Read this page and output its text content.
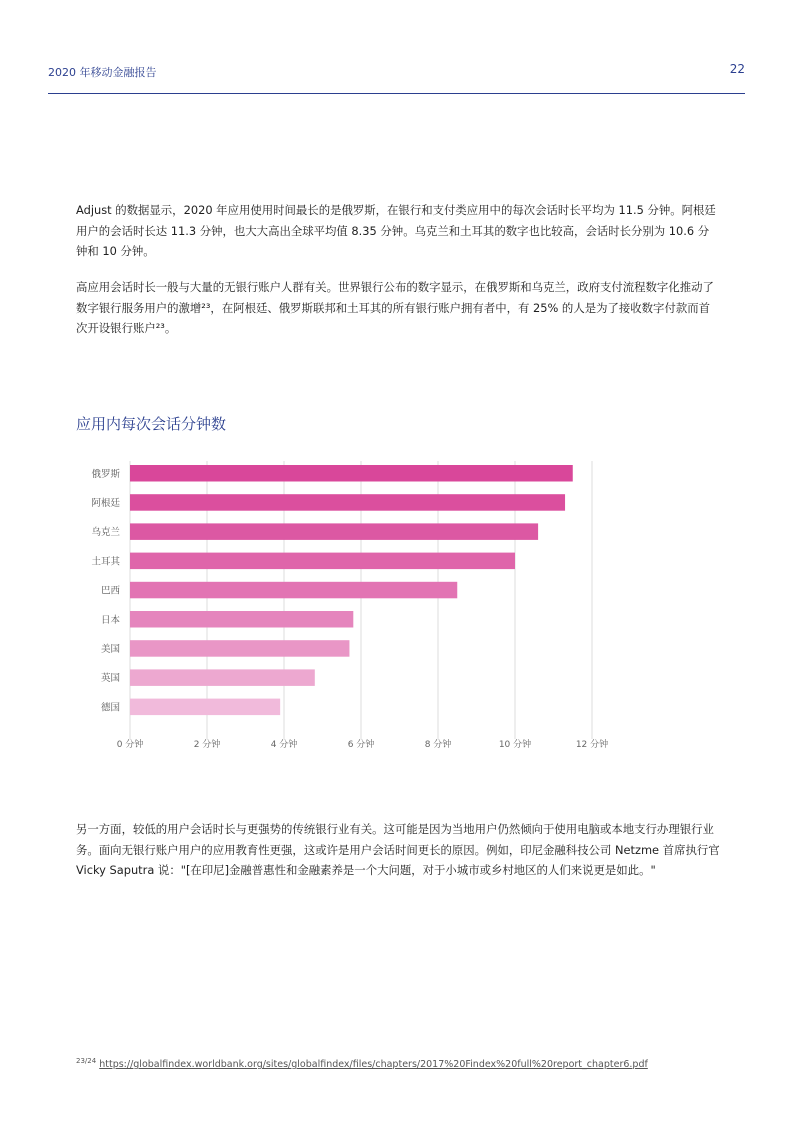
2020 年移动金融报告	22

Adjust 的数据显示，2020 年应用使用时间最长的是俄罗斯，在银行和支付类应用中的每次会话时长平均为 11.5 分钟。阿根廷用户的会话时长达 11.3 分钟，也大大高出全球平均值 8.35 分钟。乌克兰和土耳其的数字也比较高，会话时长分别为 10.6 分钟和 10 分钟。

高应用会话时长一般与大量的无银行账户人群有关。世界银行公布的数字显示，在俄罗斯和乌克兰，政府支付流程数字化推动了数字银行服务用户的激增²³，在阿根廷、俄罗斯联邦和土耳其的所有银行账户拥有者中，有 25% 的人是为了接收数字付款而首次开设银行账户²³。

应用内每次会话分钟数
0 分钟	2 分钟	4 分钟	6 分钟	8 分钟	10 分钟	12 分钟
俄罗斯
阿根廷
乌克兰
土耳其
巴西
日本
美国
英国
德国

另一方面，较低的用户会话时长与更强势的传统银行业有关。这可能是因为当地用户仍然倾向于使用电脑或本地支行办理银行业务。面向无银行账户用户的应用教育性更强，这或许是用户会话时间更长的原因。例如，印尼金融科技公司 Netzme 首席执行官 Vicky Saputra 说："[在印尼]金融普惠性和金融素养是一个大问题，对于小城市或乡村地区的人们来说更是如此。"

$^{23/24}$ https://globalfindex.worldbank.org/sites/globalfindex/files/chapters/2017%20Findex%20full%20report_chapter6.pdf
